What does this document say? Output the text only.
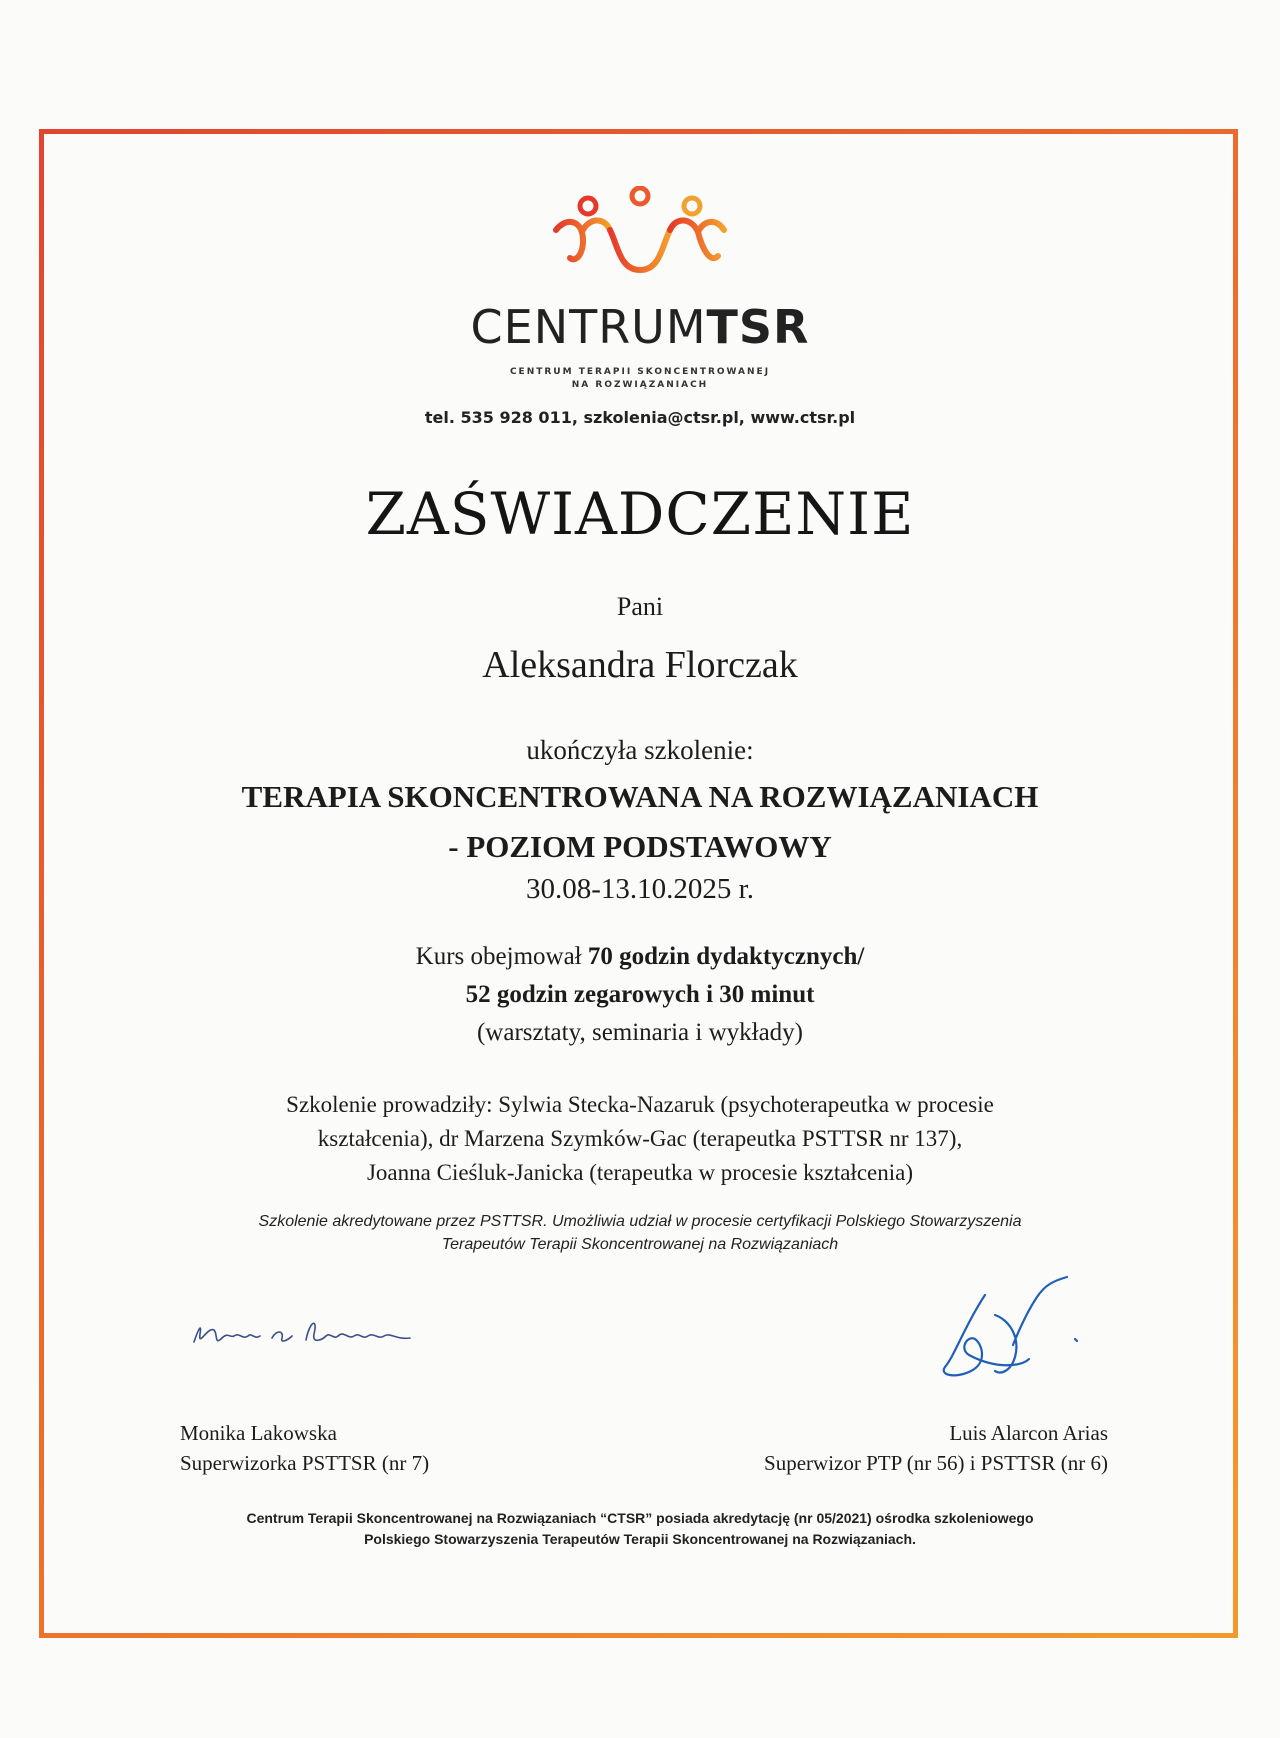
CENTRUMTSR
CENTRUM TERAPII SKONCENTROWANEJ
NA ROZWIĄZANIACH
tel. 535 928 011, szkolenia@ctsr.pl, www.ctsr.pl
ZAŚWIADCZENIE
Pani
Aleksandra Florczak
ukończyła szkolenie:
TERAPIA SKONCENTROWANA NA ROZWIĄZANIACH
- POZIOM PODSTAWOWY
30.08-13.10.2025 r.
Kurs obejmował 70 godzin dydaktycznych/
52 godzin zegarowych i 30 minut
(warsztaty, seminaria i wykłady)
Szkolenie prowadziły: Sylwia Stecka-Nazaruk (psychoterapeutka w procesie
kształcenia), dr Marzena Szymków-Gac (terapeutka PSTTSR nr 137),
Joanna Cieśluk-Janicka (terapeutka w procesie kształcenia)
Szkolenie akredytowane przez PSTTSR. Umożliwia udział w procesie certyfikacji Polskiego Stowarzyszenia
Terapeutów Terapii Skoncentrowanej na Rozwiązaniach
Monika Lakowska
Superwizorka PSTTSR (nr 7)
Luis Alarcon Arias
Superwizor PTP (nr 56) i PSTTSR (nr 6)
Centrum Terapii Skoncentrowanej na Rozwiązaniach “CTSR” posiada akredytację (nr 05/2021) ośrodka szkoleniowego
Polskiego Stowarzyszenia Terapeutów Terapii Skoncentrowanej na Rozwiązaniach.
